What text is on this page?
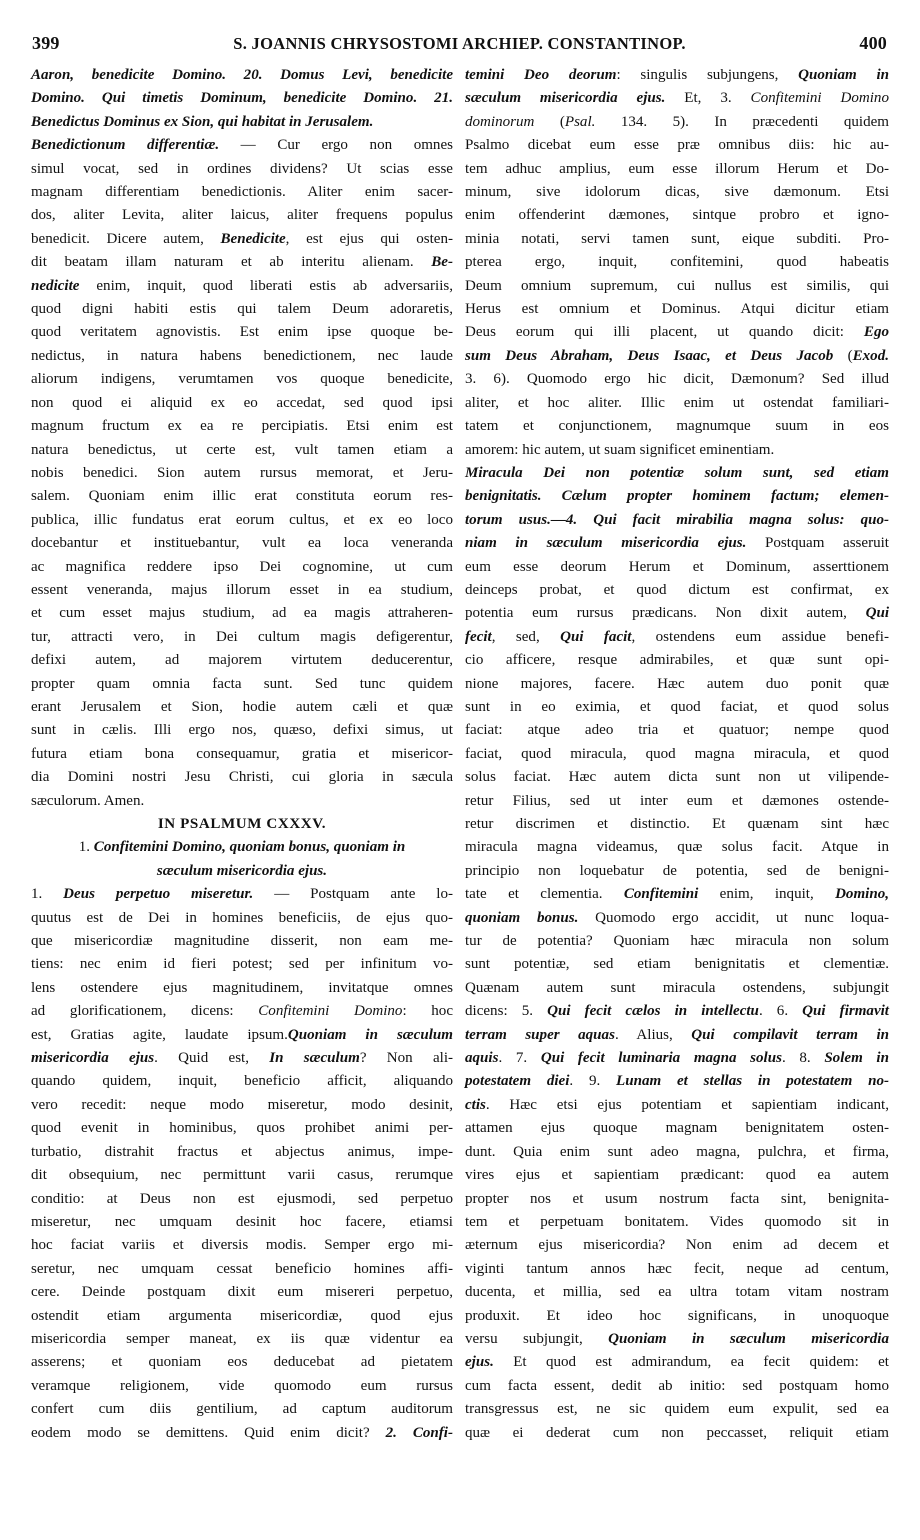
399	S. JOANNIS CHRYSOSTOMI ARCHIEP. CONSTANTINOP.	400

Aaron, benedicite Domino. 20. Domus Levi, benedicite

Domino. Qui timetis Dominum, benedicite Domino. 21.

Benedictus Dominus ex Sion, qui habitat in Jerusalem.

Benedictionum differentiæ. — Cur ergo non omnes

simul vocat, sed in ordines dividens? Ut scias esse

magnam differentiam benedictionis. Aliter enim sacer-

dos, aliter Levita, aliter laicus, aliter frequens populus

benedicit. Dicere autem, Benedicite, est ejus qui osten-

dit beatam illam naturam et ab interitu alienam. Be-

nedicite enim, inquit, quod liberati estis ab adversariis,

quod digni habiti estis qui talem Deum adoraretis,

quod veritatem agnovistis. Est enim ipse quoque be-

nedictus, in natura habens benedictionem, nec laude

aliorum indigens, verumtamen vos quoque benedicite,

non quod ei aliquid ex eo accedat, sed quod ipsi

magnum fructum ex ea re percipiatis. Etsi enim est

natura benedictus, ut certe est, vult tamen etiam a

nobis benedici. Sion autem rursus memorat, et Jeru-

salem. Quoniam enim illic erat constituta eorum res-

publica, illic fundatus erat eorum cultus, et ex eo loco

docebantur et instituebantur, vult ea loca veneranda

ac magnifica reddere ipso Dei cognomine, ut cum

essent veneranda, majus illorum esset in ea studium,

et cum esset majus studium, ad ea magis attraheren-

tur, attracti vero, in Dei cultum magis defigerentur,

defixi autem, ad majorem virtutem deducerentur,

propter quam omnia facta sunt. Sed tunc quidem

erant Jerusalem et Sion, hodie autem cæli et quæ

sunt in cælis. Illi ergo nos, quæso, defixi simus, ut

futura etiam bona consequamur, gratia et misericor-

dia Domini nostri Jesu Christi, cui gloria in sæcula

sæculorum. Amen.

IN PSALMUM CXXXV.

1. Confitemini Domino, quoniam bonus, quoniam in

sæculum misericordia ejus.

1. Deus perpetuo miseretur. — Postquam ante lo-

quutus est de Dei in homines beneficiis, de ejus quo-

que misericordiæ magnitudine disserit, non eam me-

tiens: nec enim id fieri potest; sed per infinitum vo-

lens ostendere ejus magnitudinem, invitatque omnes

ad glorificationem, dicens: Confitemini Domino: hoc

est, Gratias agite, laudate ipsum.Quoniam in sæculum

misericordia ejus. Quid est, In sæculum? Non ali-

quando quidem, inquit, beneficio afficit, aliquando

vero recedit: neque modo miseretur, modo desinit,

quod evenit in hominibus, quos prohibet animi per-

turbatio, distrahit fractus et abjectus animus, impe-

dit obsequium, nec permittunt varii casus, rerumque

conditio: at Deus non est ejusmodi, sed perpetuo

miseretur, nec umquam desinit hoc facere, etiamsi

hoc faciat variis et diversis modis. Semper ergo mi-

seretur, nec umquam cessat beneficio homines affi-

cere. Deinde postquam dixit eum misereri perpetuo,

ostendit etiam argumenta misericordiæ, quod ejus

misericordia semper maneat, ex iis quæ videntur ea

asserens; et quoniam eos deducebat ad pietatem

veramque religionem, vide quomodo eum rursus

confert cum diis gentilium, ad captum auditorum

eodem modo se demittens. Quid enim dicit? 2. Confi-

temini Deo deorum: singulis subjungens, Quoniam in

sæculum misericordia ejus. Et, 3. Confitemini Domino

dominorum (Psal. 134. 5). In præcedenti quidem

Psalmo dicebat eum esse præ omnibus diis: hic au-

tem adhuc amplius, eum esse illorum Herum et Do-

minum, sive idolorum dicas, sive dæmonum. Etsi

enim offenderint dæmones, sintque probro et igno-

minia notati, servi tamen sunt, eique subditi. Pro-

pterea ergo, inquit, confitemini, quod habeatis

Deum omnium supremum, cui nullus est similis, qui

Herus est omnium et Dominus. Atqui dicitur etiam

Deus eorum qui illi placent, ut quando dicit: Ego

sum Deus Abraham, Deus Isaac, et Deus Jacob (Exod.

3. 6). Quomodo ergo hic dicit, Dæmonum? Sed illud

aliter, et hoc aliter. Illic enim ut ostendat familiari-

tatem et conjunctionem, magnumque suum in eos

amorem: hic autem, ut suam significet eminentiam.

Miracula Dei non potentiæ solum sunt, sed etiam

benignitatis. Cælum propter hominem factum; elemen-

torum usus.—4. Qui facit mirabilia magna solus: quo-

niam in sæculum misericordia ejus. Postquam asseruit

eum esse deorum Herum et Dominum, asserttionem

deinceps probat, et quod dictum est confirmat, ex

potentia eum rursus prædicans. Non dixit autem, Qui

fecit, sed, Qui facit, ostendens eum assidue benefi-

cio afficere, resque admirabiles, et quæ sunt opi-

nione majores, facere. Hæc autem duo ponit quæ

sunt in eo eximia, et quod faciat, et quod solus

faciat: atque adeo tria et quatuor; nempe quod

faciat, quod miracula, quod magna miracula, et quod

solus faciat. Hæc autem dicta sunt non ut vilipende-

retur Filius, sed ut inter eum et dæmones ostende-

retur discrimen et distinctio. Et quænam sint hæc

miracula magna videamus, quæ solus facit. Atque in

principio non loquebatur de potentia, sed de benigni-

tate et clementia. Confitemini enim, inquit, Domino,

quoniam bonus. Quomodo ergo accidit, ut nunc loqua-

tur de potentia? Quoniam hæc miracula non solum

sunt potentiæ, sed etiam benignitatis et clementiæ.

Quænam autem sunt miracula ostendens, subjungit

dicens: 5. Qui fecit cælos in intellectu. 6. Qui firmavit

terram super aquas. Alius, Qui compilavit terram in

aquis. 7. Qui fecit luminaria magna solus. 8. Solem in

potestatem diei. 9. Lunam et stellas in potestatem no-

ctis. Hæc etsi ejus potentiam et sapientiam indicant,

attamen ejus quoque magnam benignitatem osten-

dunt. Quia enim sunt adeo magna, pulchra, et firma,

vires ejus et sapientiam prædicant: quod ea autem

propter nos et usum nostrum facta sint, benignita-

tem et perpetuam bonitatem. Vides quomodo sit in

æternum ejus misericordia? Non enim ad decem et

viginti tantum annos hæc fecit, neque ad centum,

ducenta, et millia, sed ea ultra totam vitam nostram

produxit. Et ideo hoc significans, in unoquoque

versu subjungit, Quoniam in sæculum misericordia

ejus. Et quod est admirandum, ea fecit quidem: et

cum facta essent, dedit ab initio: sed postquam homo

transgressus est, ne sic quidem eum expulit, sed ea

quæ ei dederat cum non peccasset, reliquit etiam
